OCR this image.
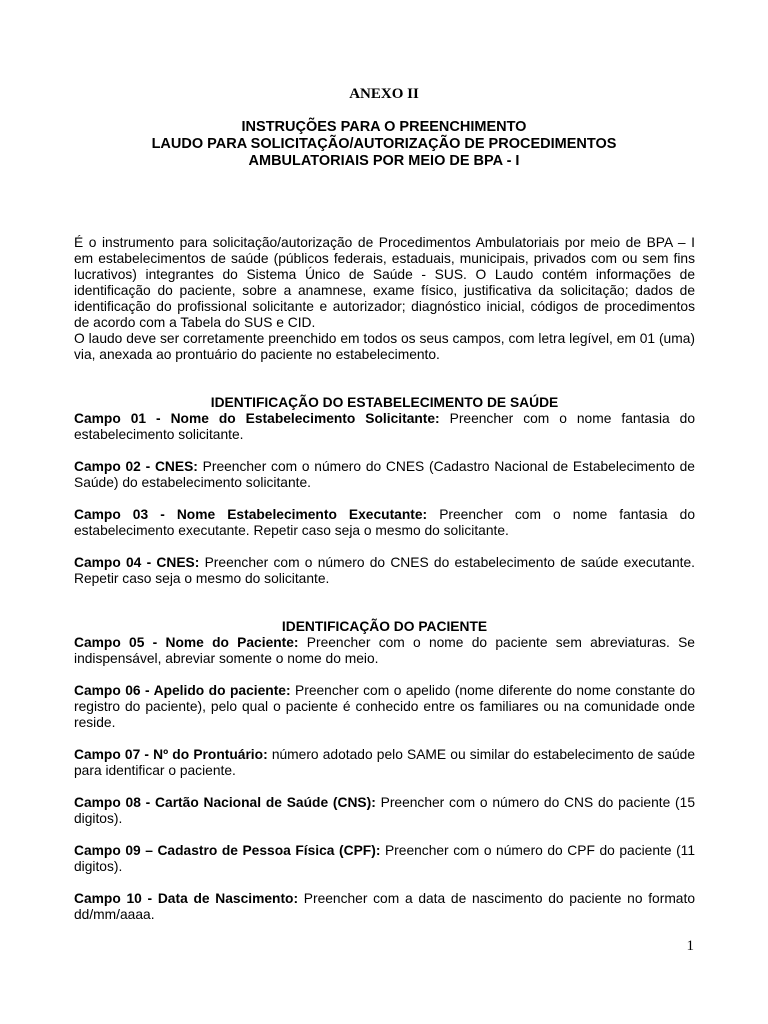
ANEXO II
INSTRUÇÕES PARA O PREENCHIMENTO
LAUDO PARA SOLICITAÇÃO/AUTORIZAÇÃO DE PROCEDIMENTOS
AMBULATORIAIS POR MEIO DE BPA - I

É o instrumento para solicitação/autorização de Procedimentos Ambulatoriais por meio de BPA – I em estabelecimentos de saúde (públicos federais, estaduais, municipais, privados com ou sem fins lucrativos) integrantes do Sistema Único de Saúde - SUS. O Laudo contém informações de identificação do paciente, sobre a anamnese, exame físico, justificativa da solicitação; dados de identificação do profissional solicitante e autorizador; diagnóstico inicial, códigos de procedimentos de acordo com a Tabela do SUS e CID.

O laudo deve ser corretamente preenchido em todos os seus campos, com letra legível, em 01 (uma) via, anexada ao prontuário do paciente no estabelecimento.

IDENTIFICAÇÃO DO ESTABELECIMENTO DE SAÚDE

Campo 01 - Nome do Estabelecimento Solicitante: Preencher com o nome fantasia do estabelecimento solicitante.

Campo 02 - CNES: Preencher com o número do CNES (Cadastro Nacional de Estabelecimento de Saúde) do estabelecimento solicitante.

Campo 03 - Nome Estabelecimento Executante: Preencher com o nome fantasia do estabelecimento executante. Repetir caso seja o mesmo do solicitante.

Campo 04 - CNES: Preencher com o número do CNES do estabelecimento de saúde executante. Repetir caso seja o mesmo do solicitante.

IDENTIFICAÇÃO DO PACIENTE

Campo 05 - Nome do Paciente: Preencher com o nome do paciente sem abreviaturas. Se indispensável, abreviar somente o nome do meio.

Campo 06 - Apelido do paciente: Preencher com o apelido (nome diferente do nome constante do registro do paciente), pelo qual o paciente é conhecido entre os familiares ou na comunidade onde reside.

Campo 07 - Nº do Prontuário: número adotado pelo SAME ou similar do estabelecimento de saúde para identificar o paciente.

Campo 08 - Cartão Nacional de Saúde (CNS): Preencher com o número do CNS do paciente (15 digitos).

Campo 09 – Cadastro de Pessoa Física (CPF): Preencher com o número do CPF do paciente (11 digitos).

Campo 10 - Data de Nascimento: Preencher com a data de nascimento do paciente no formato dd/mm/aaaa.

1
